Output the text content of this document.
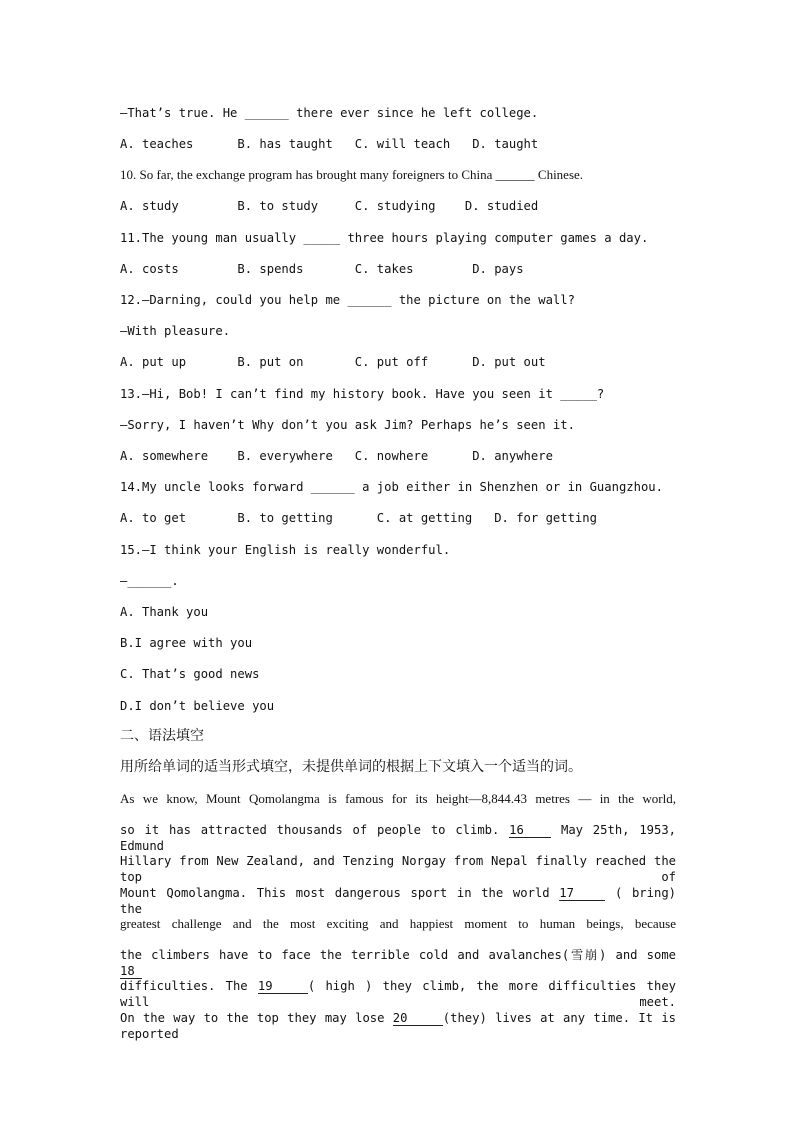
—That’s true. He ______ there ever since he left college.
A. teaches      B. has taught   C. will teach   D. taught
10. So far, the exchange program has brought many foreigners to China ______ Chinese.
A. study        B. to study     C. studying    D. studied
11.The young man usually _____ three hours playing computer games a day.
A. costs        B. spends       C. takes        D. pays
12.—Darning, could you help me ______ the picture on the wall?
—With pleasure.
A. put up       B. put on       C. put off      D. put out
13.—Hi, Bob! I can’t find my history book. Have you seen it _____?
—Sorry, I haven’t Why don’t you ask Jim? Perhaps he’s seen it.
A. somewhere    B. everywhere   C. nowhere      D. anywhere
14.My uncle looks forward ______ a job either in Shenzhen or in Guangzhou.
A. to get       B. to getting      C. at getting   D. for getting
15.—I think your English is really wonderful.
—______.
A. Thank you
B.I agree with you
C. That’s good news
D.I don’t believe you
二、语法填空
用所给单词的适当形式填空，未提供单词的根据上下文填入一个适当的词。
As we know, Mount Qomolangma is famous for its height—8,844.43 metres — in the world,
so it has attracted thousands of people to climb. 16 May 25th, 1953, Edmund
Hillary from New Zealand, and Tenzing Norgay from Nepal finally reached the top of
Mount Qomolangma. This most dangerous sport in the world 17	( bring) the
greatest challenge and the most exciting and happiest moment to human beings, because
the climbers have to face the terrible cold and avalanches(雪崩) and some 18
difficulties. The 19	( high ) they climb, the more difficulties they will meet.
On the way to the top they may lose 20	(they) lives at any time. It is reported
